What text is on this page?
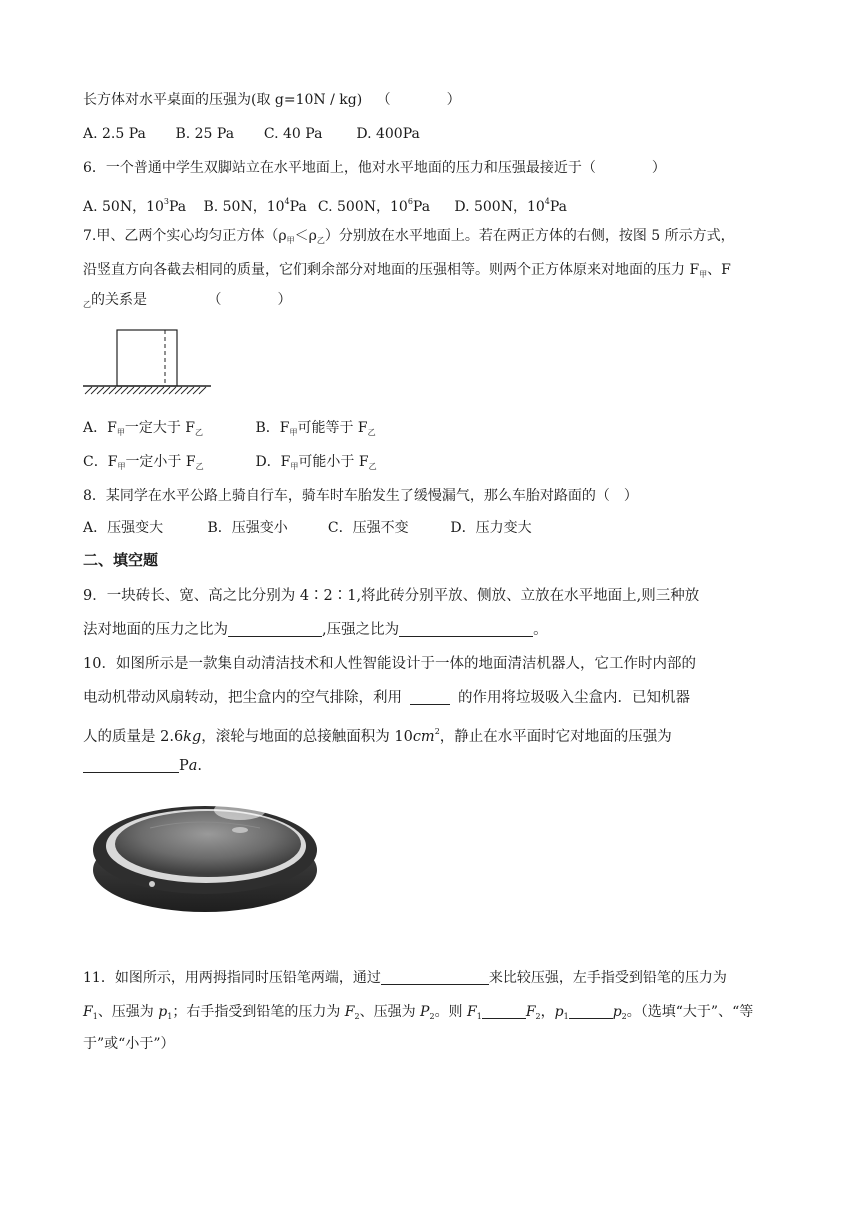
长方体对水平桌面的压强为(取 g=10N / kg) （　　　　）
A. 2.5 Pa B. 25 Pa C. 40 Pa D. 400Pa
6．一个普通中学生双脚站立在水平地面上，他对水平地面的压力和压强最接近于（　　　　）
A. 50N，$10^3Pa$ B. 50N，$10^4Pa$ C. 500N，$10^6Pa$ D. 500N，$10^4Pa$
7.甲、乙两个实心均匀正方体$(\rho_甲<\rho_乙)$分别放在水平地面上。若在两正方体的右侧，按图 5 所示方式，
沿竖直方向各截去相同的质量，它们剩余部分对地面的压强相等。则两个正方体原来对地面的压力 $F_甲$、F
$_乙$的关系是	（　　　　）
A．$F_甲$一定大于 $F_乙$	B．$F_甲$可能等于 $F_乙$
C．$F_甲$一定小于 $F_乙$	D．$F_甲$可能小于 $F_乙$
8．某同学在水平公路上骑自行车，骑车时车胎发生了缓慢漏气，那么车胎对路面的（　）
A．压强变大	B．压强变小	C．压强不变	D．压力变大
二、填空题
9．一块砖长、宽、高之比分别为 4∶2∶1,将此砖分别平放、侧放、立放在水平地面上,则三种放
法对地面的压力之比为	,压强之比为	。
10．如图所示是一款集自动清洁技术和人性智能设计于一体的地面清洁机器人，它工作时内部的
电动机带动风扇转动，把尘盒内的空气排除，利用	的作用将垃圾吸入尘盒内．已知机器
人的质量是 2.6kg，滚轮与地面的总接触面积为 $10cm^2$，静止在水平面时它对地面的压强为
Pa.
11．如图所示，用两拇指同时压铅笔两端，通过	来比较压强，左手指受到铅笔的压力为
$F_1$、压强为 $p_1$；右手指受到铅笔的压力为 $F_2$、压强为 $P_2$。则 $F_1$	$F_2$，$p_1$	$p_2$。（选填“大于”、“等
于”或“小于”）
